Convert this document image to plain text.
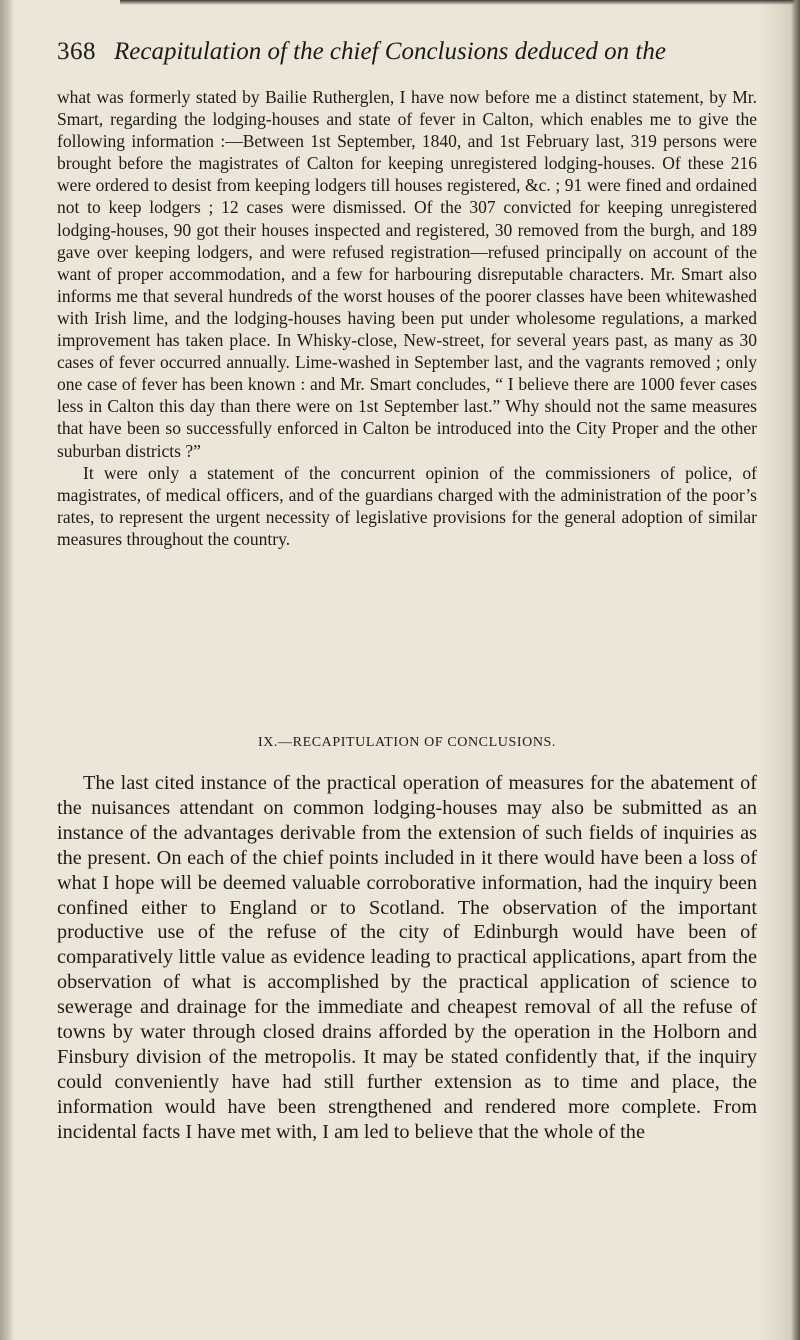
368 Recapitulation of the chief Conclusions deduced on the

what was formerly stated by Bailie Rutherglen, I have now before me a distinct statement, by Mr. Smart, regarding the lodging-houses and state of fever in Calton, which enables me to give the following information :—Between 1st September, 1840, and 1st February last, 319 persons were brought before the magistrates of Calton for keeping unregistered lodging-houses. Of these 216 were ordered to desist from keeping lodgers till houses registered, &c. ; 91 were fined and ordained not to keep lodgers ; 12 cases were dismissed. Of the 307 convicted for keeping unregistered lodging-houses, 90 got their houses inspected and registered, 30 removed from the burgh, and 189 gave over keeping lodgers, and were refused registration—refused principally on account of the want of proper accommodation, and a few for harbouring disreputable characters. Mr. Smart also informs me that several hundreds of the worst houses of the poorer classes have been whitewashed with Irish lime, and the lodging-houses having been put under wholesome regulations, a marked improvement has taken place. In Whisky-close, New-street, for several years past, as many as 30 cases of fever occurred annually. Lime-washed in September last, and the vagrants removed ; only one case of fever has been known : and Mr. Smart concludes, “ I believe there are 1000 fever cases less in Calton this day than there were on 1st September last.” Why should not the same measures that have been so successfully enforced in Calton be introduced into the City Proper and the other suburban districts ?”

It were only a statement of the concurrent opinion of the commissioners of police, of magistrates, of medical officers, and of the guardians charged with the administration of the poor’s rates, to represent the urgent necessity of legislative provisions for the general adoption of similar measures throughout the country.

IX.—RECAPITULATION OF CONCLUSIONS.

The last cited instance of the practical operation of measures for the abatement of the nuisances attendant on common lodging-houses may also be submitted as an instance of the advantages derivable from the extension of such fields of inquiries as the present. On each of the chief points included in it there would have been a loss of what I hope will be deemed valuable corroborative information, had the inquiry been confined either to England or to Scotland. The observation of the important productive use of the refuse of the city of Edinburgh would have been of comparatively little value as evidence leading to practical applications, apart from the observation of what is accomplished by the practical application of science to sewerage and drainage for the immediate and cheapest removal of all the refuse of towns by water through closed drains afforded by the operation in the Holborn and Finsbury division of the metropolis. It may be stated confidently that, if the inquiry could conveniently have had still further extension as to time and place, the information would have been strengthened and rendered more complete. From incidental facts I have met with, I am led to believe that the whole of the
